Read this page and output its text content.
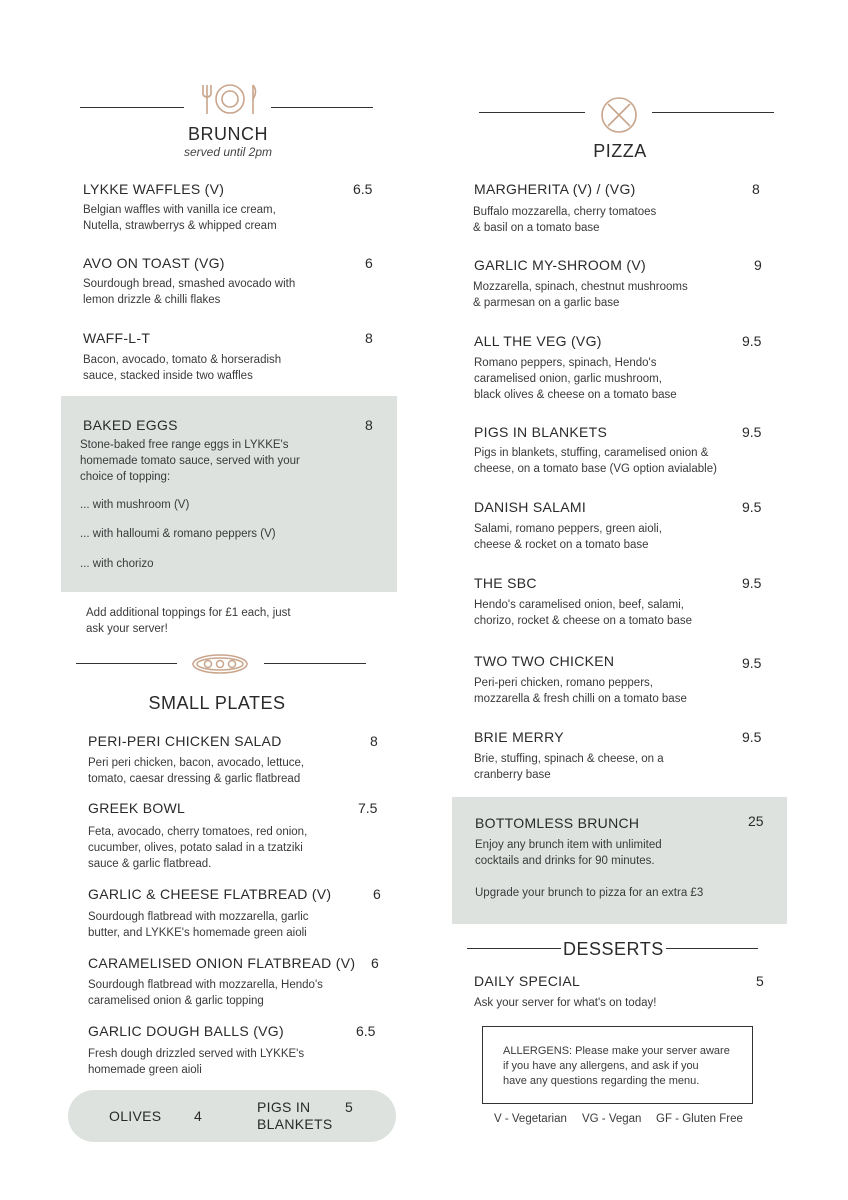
BRUNCH
served until 2pm
LYKKE WAFFLES (V)	6.5
Belgian waffles with vanilla ice cream,
Nutella, strawberrys & whipped cream
AVO ON TOAST (VG)	6
Sourdough bread, smashed avocado with
lemon drizzle & chilli flakes
WAFF-L-T	8
Bacon, avocado, tomato & horseradish
sauce, stacked inside two waffles
BAKED EGGS	8
Stone-baked free range eggs in LYKKE's
homemade tomato sauce, served with your
choice of topping:
... with mushroom (V)
... with halloumi & romano peppers (V)
... with chorizo
Add additional toppings for £1 each, just
ask your server!
SMALL PLATES
PERI-PERI CHICKEN SALAD	8
Peri peri chicken, bacon, avocado, lettuce,
tomato, caesar dressing & garlic flatbread
GREEK BOWL	7.5
Feta, avocado, cherry tomatoes, red onion,
cucumber, olives, potato salad in a tzatziki
sauce & garlic flatbread.
GARLIC & CHEESE FLATBREAD (V)	6
Sourdough flatbread with mozzarella, garlic
butter, and LYKKE's homemade green aioli
CARAMELISED ONION FLATBREAD (V) 6
Sourdough flatbread with mozzarella, Hendo's
caramelised onion & garlic topping
GARLIC DOUGH BALLS (VG)	6.5
Fresh dough drizzled served with LYKKE's
homemade green aioli
OLIVES 4
PIGS IN
BLANKETS
5
PIZZA
MARGHERITA (V) / (VG)	8
Buffalo mozzarella, cherry tomatoes
& basil on a tomato base
GARLIC MY-SHROOM (V)	9
Mozzarella, spinach, chestnut mushrooms
& parmesan on a garlic base
ALL THE VEG (VG)	9.5
Romano peppers, spinach, Hendo's
caramelised onion, garlic mushroom,
black olives & cheese on a tomato base
PIGS IN BLANKETS	9.5
Pigs in blankets, stuffing, caramelised onion &
cheese, on a tomato base (VG option avialable)
DANISH SALAMI	9.5
Salami, romano peppers, green aioli,
cheese & rocket on a tomato base
THE SBC	9.5
Hendo's caramelised onion, beef, salami,
chorizo, rocket & cheese on a tomato base
TWO TWO CHICKEN	9.5
Peri-peri chicken, romano peppers,
mozzarella & fresh chilli on a tomato base
BRIE MERRY	9.5
Brie, stuffing, spinach & cheese, on a
cranberry base
BOTTOMLESS BRUNCH	25
Enjoy any brunch item with unlimited
cocktails and drinks for 90 minutes.
Upgrade your brunch to pizza for an extra £3
DESSERTS
DAILY SPECIAL	5
Ask your server for what's on today!
ALLERGENS: Please make your server aware
if you have any allergens, and ask if you
have any questions regarding the menu.
V - Vegetarian VG - Vegan GF - Gluten Free
